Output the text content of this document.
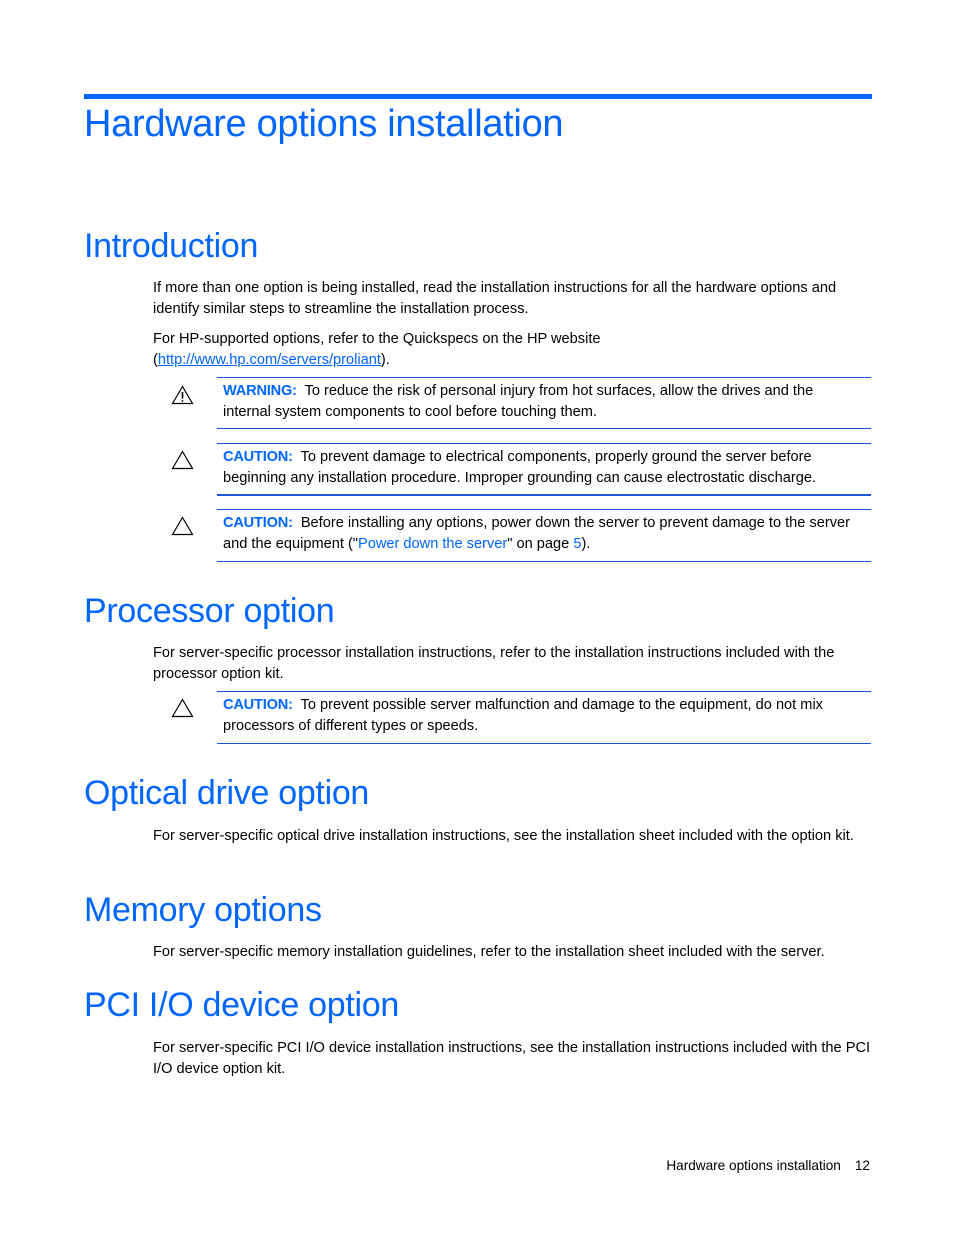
Hardware options installation
Introduction
If more than one option is being installed, read the installation instructions for all the hardware options and identify similar steps to streamline the installation process.
For HP-supported options, refer to the Quickspecs on the HP website
(http://www.hp.com/servers/proliant).
WARNING: To reduce the risk of personal injury from hot surfaces, allow the drives and the internal system components to cool before touching them.
CAUTION: To prevent damage to electrical components, properly ground the server before beginning any installation procedure. Improper grounding can cause electrostatic discharge.
CAUTION: Before installing any options, power down the server to prevent damage to the server and the equipment ("Power down the server" on page 5).
Processor option
For server-specific processor installation instructions, refer to the installation instructions included with the processor option kit.
CAUTION: To prevent possible server malfunction and damage to the equipment, do not mix processors of different types or speeds.
Optical drive option
For server-specific optical drive installation instructions, see the installation sheet included with the option kit.
Memory options
For server-specific memory installation guidelines, refer to the installation sheet included with the server.
PCI I/O device option
For server-specific PCI I/O device installation instructions, see the installation instructions included with the PCI I/O device option kit.
Hardware options installation 12
